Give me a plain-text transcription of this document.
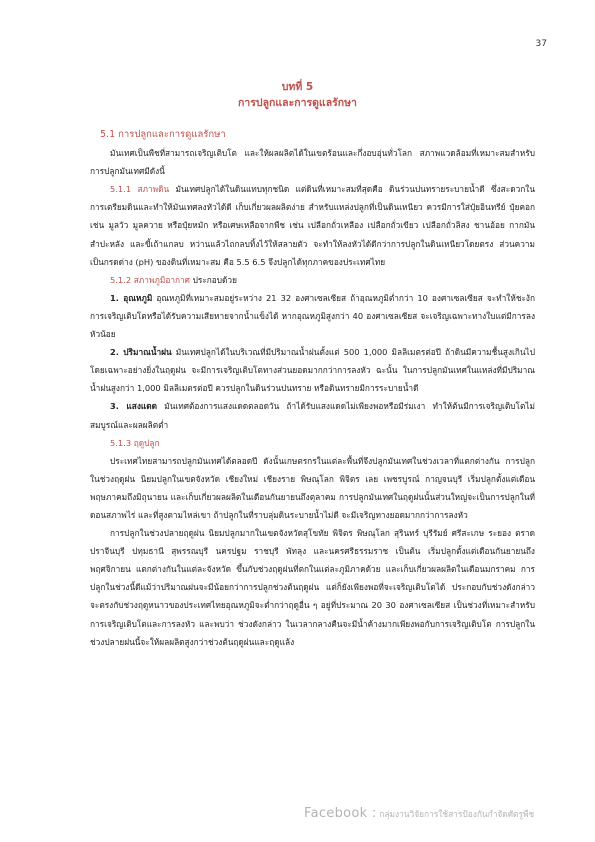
37
บทที่ 5
การปลูกและการดูแลรักษา

5.1 การปลูกและการดูแลรักษา

มันเทศเป็นพืชที่สามารถเจริญเติบโต และให้ผลผลิตได้ในเขตร้อนและกึ่งอบอุ่นทั่วโลก สภาพแวดล้อมที่เหมาะสมสำหรับการปลูกมันเทศมีดังนี้

5.1.1 สภาพดิน มันเทศปลูกได้ในดินแทบทุกชนิด แต่ดินที่เหมาะสมที่สุดคือ ดินร่วนปนทรายระบายน้ำดี ซึ่งสะดวกในการเตรียมดินและทำให้มันเทศลงหัวได้ดี เก็บเกี่ยวผลผลิตง่าย สำหรับแหล่งปลูกที่เป็นดินเหนียว ควรมีการใส่ปุ๋ยอินทรีย์ ปุ๋ยคอก เช่น มูลวัว มูลควาย หรือปุ๋ยหมัก หรือเศษเหลือจากพืช เช่น เปลือกถั่วเหลือง เปลือกถั่วเขียว เปลือกถั่วลิสง ชานอ้อย กากมันสำปะหลัง และขี้เถ้าแกลบ หว่านแล้วไถกลบทิ้งไว้ให้สลายตัว จะทำให้ลงหัวได้ดีกว่าการปลูกในดินเหนียวโดยตรง ส่วนความเป็นกรดด่าง (pH) ของดินที่เหมาะสม คือ 5.5 6.5 จึงปลูกได้ทุกภาคของประเทศไทย

5.1.2 สภาพภูมิอากาศ ประกอบด้วย

1. อุณหภูมิ อุณหภูมิที่เหมาะสมอยู่ระหว่าง 21 32 องศาเซลเซียส ถ้าอุณหภูมิต่ำกว่า 10 องศาเซลเซียส จะทำให้ชะงักการเจริญเติบโตหรือได้รับความเสียหายจากน้ำแข็งได้ หากอุณหภูมิสูงกว่า 40 องศาเซลเซียส จะเจริญเฉพาะทางใบแต่มีการลงหัวน้อย

2. ปริมาณน้ำฝน มันเทศปลูกได้ในบริเวณที่มีปริมาณน้ำฝนตั้งแต่ 500 1,000 มิลลิเมตรต่อปี ถ้าดินมีความชื้นสูงเกินไปโดยเฉพาะอย่างยิ่งในฤดูฝน จะมีการเจริญเติบโตทางส่วนยอดมากกว่าการลงหัว ฉะนั้น ในการปลูกมันเทศในแหล่งที่มีปริมาณน้ำฝนสูงกว่า 1,000 มิลลิเมตรต่อปี ควรปลูกในดินร่วนปนทราย หรือดินทรายมีการระบายน้ำดี

3. แสงแดด มันเทศต้องการแสงแดดตลอดวัน ถ้าได้รับแสงแดดไม่เพียงพอหรือมีร่มเงา ทำให้ต้นมีการเจริญเติบโตไม่สมบูรณ์และผลผลิตต่ำ

5.1.3 ฤดูปลูก

ประเทศไทยสามารถปลูกมันเทศได้ตลอดปี ดังนั้นเกษตรกรในแต่ละพื้นที่จึงปลูกมันเทศในช่วงเวลาที่แตกต่างกัน การปลูกในช่วงฤดูฝน นิยมปลูกในเขตจังหวัด เชียงใหม่ เชียงราย พิษณุโลก พิจิตร เลย เพชรบูรณ์ กาญจนบุรี เริ่มปลูกตั้งแต่เดือนพฤษภาคมถึงมิถุนายน และเก็บเกี่ยวผลผลิตในเดือนกันยายนถึงตุลาคม การปลูกมันเทศในฤดูฝนนั้นส่วนใหญ่จะเป็นการปลูกในที่ดอนสภาพไร่ และที่สูงตามไหล่เขา ถ้าปลูกในที่ราบลุ่มดินระบายน้ำไม่ดี จะมีเจริญทางยอดมากกว่าการลงหัว

การปลูกในช่วงปลายฤดูฝน นิยมปลูกมากในเขตจังหวัดสุโขทัย พิจิตร พิษณุโลก สุรินทร์ บุรีรัมย์ ศรีสะเกษ ระยอง ตราด ปราจีนบุรี ปทุมธานี สุพรรณบุรี นครปฐม ราชบุรี พัทลุง และนครศรีธรรมราช เป็นต้น เริ่มปลูกตั้งแต่เดือนกันยายนถึงพฤศจิกายน แตกต่างกันในแต่ละจังหวัด ขึ้นกับช่วงฤดูฝนที่ตกในแต่ละภูมิภาคด้วย และเก็บเกี่ยวผลผลิตในเดือนมกราคม การปลูกในช่วงนี้ดีแม้ว่าปริมาณฝนจะมีน้อยกว่าการปลูกช่วงต้นฤดูฝน แต่ก็ยังเพียงพอที่จะเจริญเติบโตได้ ประกอบกับช่วงดังกล่าวจะตรงกับช่วงฤดูหนาวของประเทศไทยอุณหภูมิจะต่ำกว่าฤดูอื่น ๆ อยู่ที่ประมาณ 20 30 องศาเซลเซียส เป็นช่วงที่เหมาะสำหรับการเจริญเติบโตและการลงหัว และพบว่า ช่วงดังกล่าว ในเวลากลางคืนจะมีน้ำค้างมากเพียงพอกับการเจริญเติบโต การปลูกในช่วงปลายฝนนี้จะให้ผลผลิตสูงกว่าช่วงต้นฤดูฝนและฤดูแล้ง

Facebook : กลุ่มงานวิจัยการใช้สารป้องกันกำจัดศัตรูพืช
